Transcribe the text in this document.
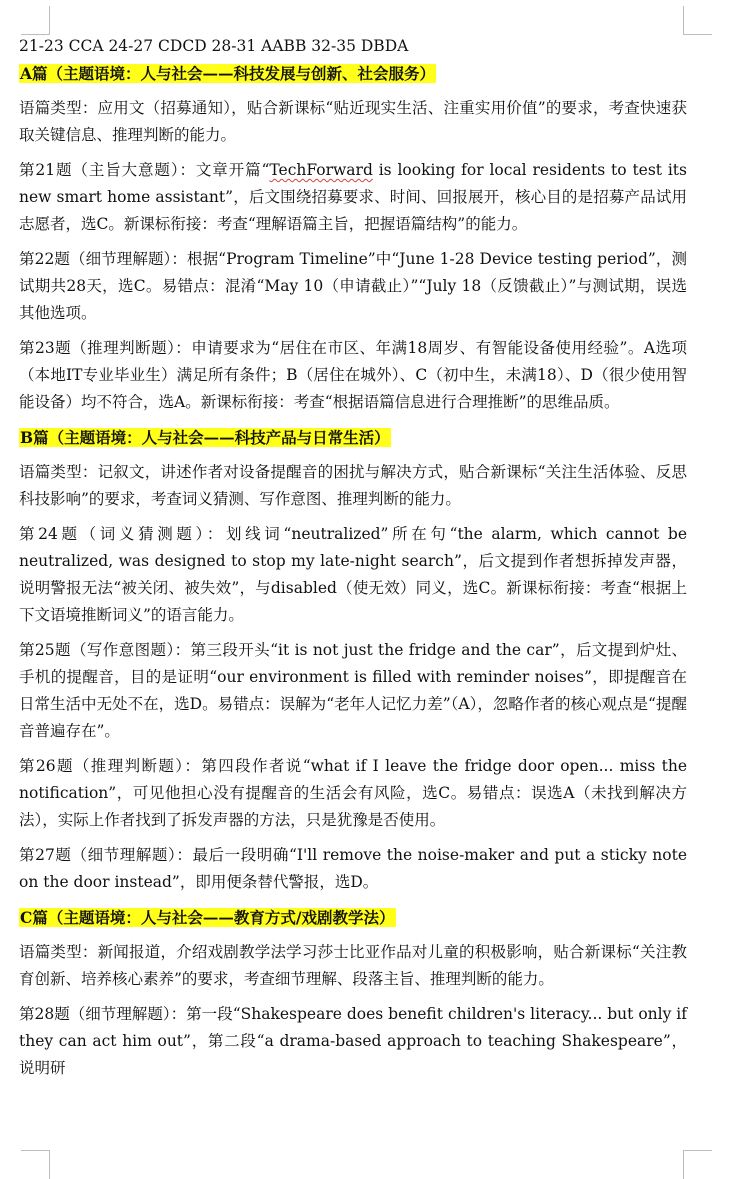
21-23 CCA 24-27 CDCD 28-31 AABB 32-35 DBDA
A篇（主题语境：人与社会——科技发展与创新、社会服务）

语篇类型：应用文（招募通知），贴合新课标“贴近现实生活、注重实用价值”的要求，考查快速获取关键信息、推理判断的能力。

第21题（主旨大意题）：文章开篇“TechForward is looking for local residents to test its new smart home assistant”，后文围绕招募要求、时间、回报展开，核心目的是招募产品试用志愿者，选C。新课标衔接：考查“理解语篇主旨，把握语篇结构”的能力。

第22题（细节理解题）：根据“Program Timeline”中“June 1-28 Device testing period”，测试期共28天，选C。易错点：混淆“May 10（申请截止）”“July 18（反馈截止）”与测试期，误选其他选项。

第23题（推理判断题）：申请要求为“居住在市区、年满18周岁、有智能设备使用经验”。A选项（本地IT专业毕业生）满足所有条件；B（居住在城外）、C（初中生，未满18）、D（很少使用智能设备）均不符合，选A。新课标衔接：考查“根据语篇信息进行合理推断”的思维品质。

B篇（主题语境：人与社会——科技产品与日常生活）

语篇类型：记叙文，讲述作者对设备提醒音的困扰与解决方式，贴合新课标“关注生活体验、反思科技影响”的要求，考查词义猜测、写作意图、推理判断的能力。

第24题（词义猜测题）：划线词“neutralized”所在句“the alarm, which cannot be neutralized, was designed to stop my late-night search”，后文提到作者想拆掉发声器，说明警报无法“被关闭、被失效”，与disabled（使无效）同义，选C。新课标衔接：考查“根据上下文语境推断词义”的语言能力。

第25题（写作意图题）：第三段开头“it is not just the fridge and the car”，后文提到炉灶、手机的提醒音，目的是证明“our environment is filled with reminder noises”，即提醒音在日常生活中无处不在，选D。易错点：误解为“老年人记忆力差”（A），忽略作者的核心观点是“提醒音普遍存在”。

第26题（推理判断题）：第四段作者说“what if I leave the fridge door open... miss the notification”，可见他担心没有提醒音的生活会有风险，选C。易错点：误选A（未找到解决方法），实际上作者找到了拆发声器的方法，只是犹豫是否使用。

第27题（细节理解题）：最后一段明确“I'll remove the noise-maker and put a sticky note on the door instead”，即用便条替代警报，选D。

C篇（主题语境：人与社会——教育方式/戏剧教学法）

语篇类型：新闻报道，介绍戏剧教学法学习莎士比亚作品对儿童的积极影响，贴合新课标“关注教育创新、培养核心素养”的要求，考查细节理解、段落主旨、推理判断的能力。

第28题（细节理解题）：第一段“Shakespeare does benefit children's literacy... but only if they can act him out”，第二段“a drama-based approach to teaching Shakespeare”，说明研
